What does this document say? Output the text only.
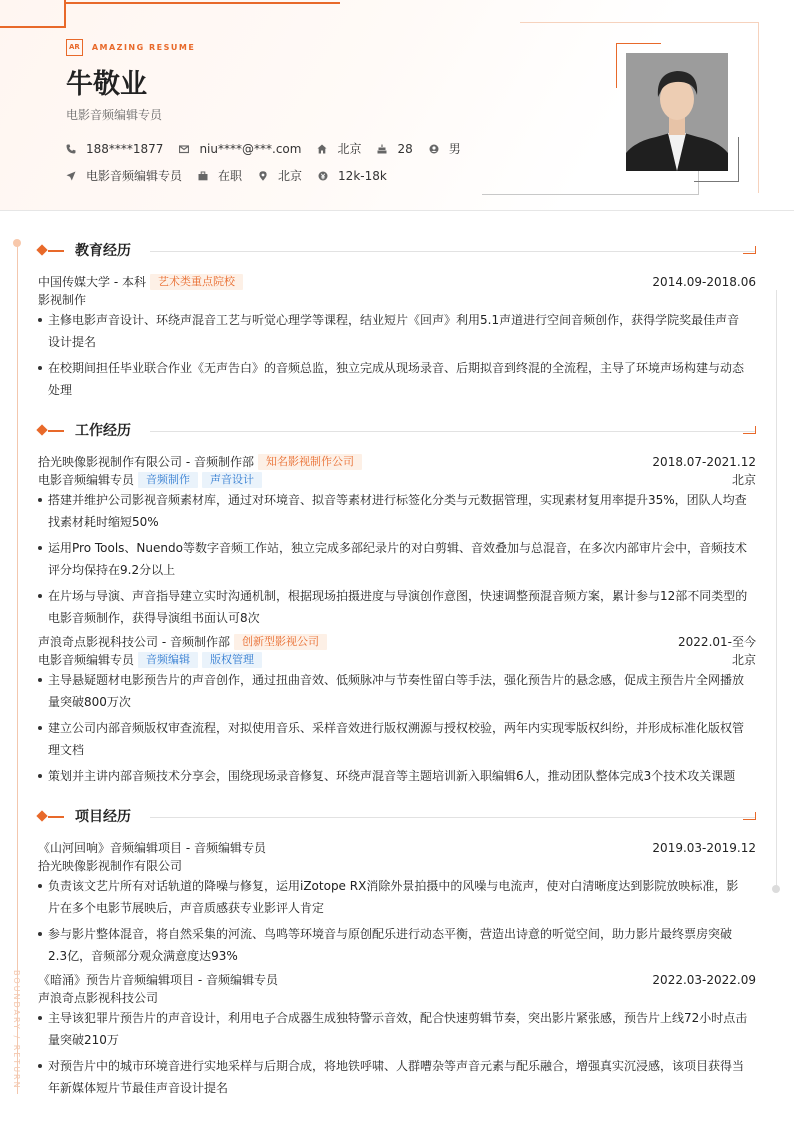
AR	AMAZING RESUME
牛敬业
电影音频编辑专员
188****1877	niu****@***.com	北京	28	男
电影音频编辑专员	在职	北京	12k-18k
BOUNDARY / RETURN
教育经历
中国传媒大学 - 本科	艺术类重点院校	2014.09-2018.06
影视制作
主修电影声音设计、环绕声混音工艺与听觉心理学等课程，结业短片《回声》利用5.1声道进行空间音频创作，获得学院奖最佳声音设计提名
在校期间担任毕业联合作业《无声告白》的音频总监，独立完成从现场录音、后期拟音到终混的全流程，主导了环境声场构建与动态处理
工作经历
拾光映像影视制作有限公司 - 音频制作部	知名影视制作公司	2018.07-2021.12
电影音频编辑专员	音频制作	声音设计	北京
搭建并维护公司影视音频素材库，通过对环境音、拟音等素材进行标签化分类与元数据管理，实现素材复用率提升35%，团队人均查找素材耗时缩短50%
运用Pro Tools、Nuendo等数字音频工作站，独立完成多部纪录片的对白剪辑、音效叠加与总混音，在多次内部审片会中，音频技术评分均保持在9.2分以上
在片场与导演、声音指导建立实时沟通机制，根据现场拍摄进度与导演创作意图，快速调整预混音频方案，累计参与12部不同类型的电影音频制作，获得导演组书面认可8次
声浪奇点影视科技公司 - 音频制作部	创新型影视公司	2022.01-至今
电影音频编辑专员	音频编辑	版权管理	北京
主导悬疑题材电影预告片的声音创作，通过扭曲音效、低频脉冲与节奏性留白等手法，强化预告片的悬念感，促成主预告片全网播放量突破800万次
建立公司内部音频版权审查流程，对拟使用音乐、采样音效进行版权溯源与授权校验，两年内实现零版权纠纷，并形成标准化版权管理文档
策划并主讲内部音频技术分享会，围绕现场录音修复、环绕声混音等主题培训新入职编辑6人，推动团队整体完成3个技术攻关课题
项目经历
《山河回响》音频编辑项目 - 音频编辑专员	2019.03-2019.12
拾光映像影视制作有限公司
负责该文艺片所有对话轨道的降噪与修复，运用iZotope RX消除外景拍摄中的风噪与电流声，使对白清晰度达到影院放映标准，影片在多个电影节展映后，声音质感获专业影评人肯定
参与影片整体混音，将自然采集的河流、鸟鸣等环境音与原创配乐进行动态平衡，营造出诗意的听觉空间，助力影片最终票房突破2.3亿，音频部分观众满意度达93%
《暗涌》预告片音频编辑项目 - 音频编辑专员	2022.03-2022.09
声浪奇点影视科技公司
主导该犯罪片预告片的声音设计，利用电子合成器生成独特警示音效，配合快速剪辑节奏，突出影片紧张感，预告片上线72小时点击量突破210万
对预告片中的城市环境音进行实地采样与后期合成，将地铁呼啸、人群嘈杂等声音元素与配乐融合，增强真实沉浸感，该项目获得当年新媒体短片节最佳声音设计提名
